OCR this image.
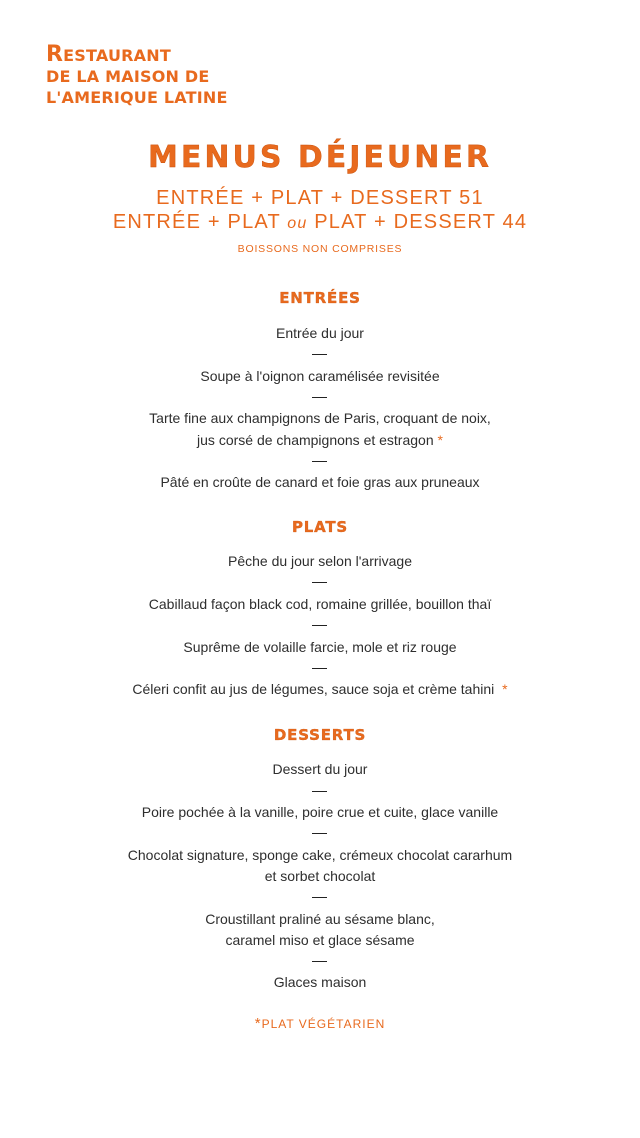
RESTAURANT
DE LA MAISON DE
L'AMERIQUE LATINE
MENUS DÉJEUNER
ENTRÉE + PLAT + DESSERT 51
ENTRÉE + PLAT ou PLAT + DESSERT 44
BOISSONS NON COMPRISES
ENTRÉES
Entrée du jour
Soupe à l'oignon caramélisée revisitée
Tarte fine aux champignons de Paris, croquant de noix,
jus corsé de champignons et estragon *
Pâté en croûte de canard et foie gras aux pruneaux
PLATS
Pêche du jour selon l'arrivage
Cabillaud façon black cod, romaine grillée, bouillon thaï
Suprême de volaille farcie, mole et riz rouge
Céleri confit au jus de légumes, sauce soja et crème tahini *
DESSERTS
Dessert du jour
Poire pochée à la vanille, poire crue et cuite, glace vanille
Chocolat signature, sponge cake, crémeux chocolat cararhum
et sorbet chocolat
Croustillant praliné au sésame blanc,
caramel miso et glace sésame
Glaces maison
*PLAT VÉGÉTARIEN
